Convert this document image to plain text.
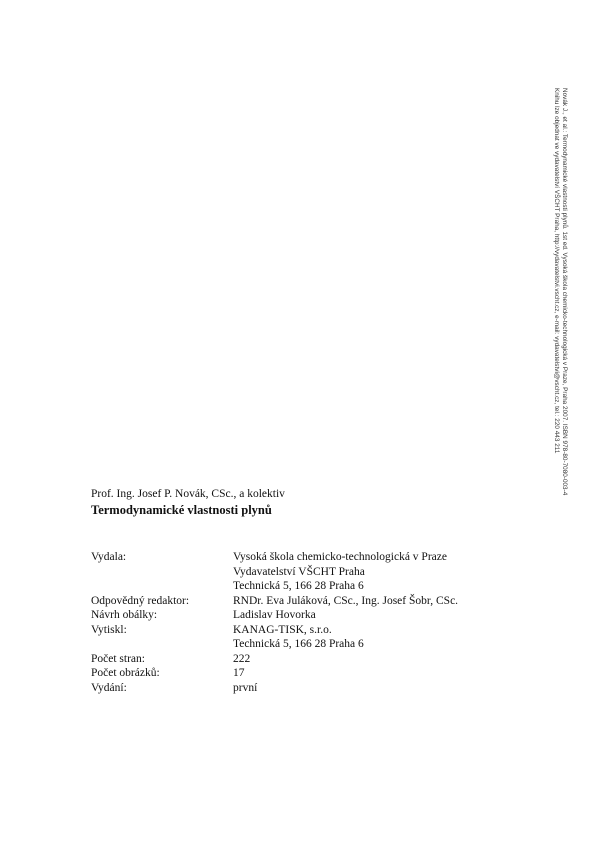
Novák J., et al.: Termodynamické vlastnosti plynů. 1st ed. Vysoká škola chemicko-technologická v Praze, Praha 2007. ISBN 978-80-7080-003-4
Knihu lze objednat ve vydavatelství VŠCHT Praha, http://vydavatelstvi.vscht.cz, e-mail: vydavatelstvi@vscht.cz, tel.: 220 443 211
Prof. Ing. Josef P. Novák, CSc., a kolektiv
Termodynamické vlastnosti plynů
Vydala:	Vysoká škola chemicko-technologická v Praze
Vydavatelství VŠCHT Praha
Technická 5, 166 28 Praha 6
Odpovědný redaktor:	RNDr. Eva Juláková, CSc., Ing. Josef Šobr, CSc.
Návrh obálky:	Ladislav Hovorka
Vytiskl:	KANAG-TISK, s.r.o.
Technická 5, 166 28 Praha 6
Počet stran:	222
Počet obrázků:	17
Vydání:	první
